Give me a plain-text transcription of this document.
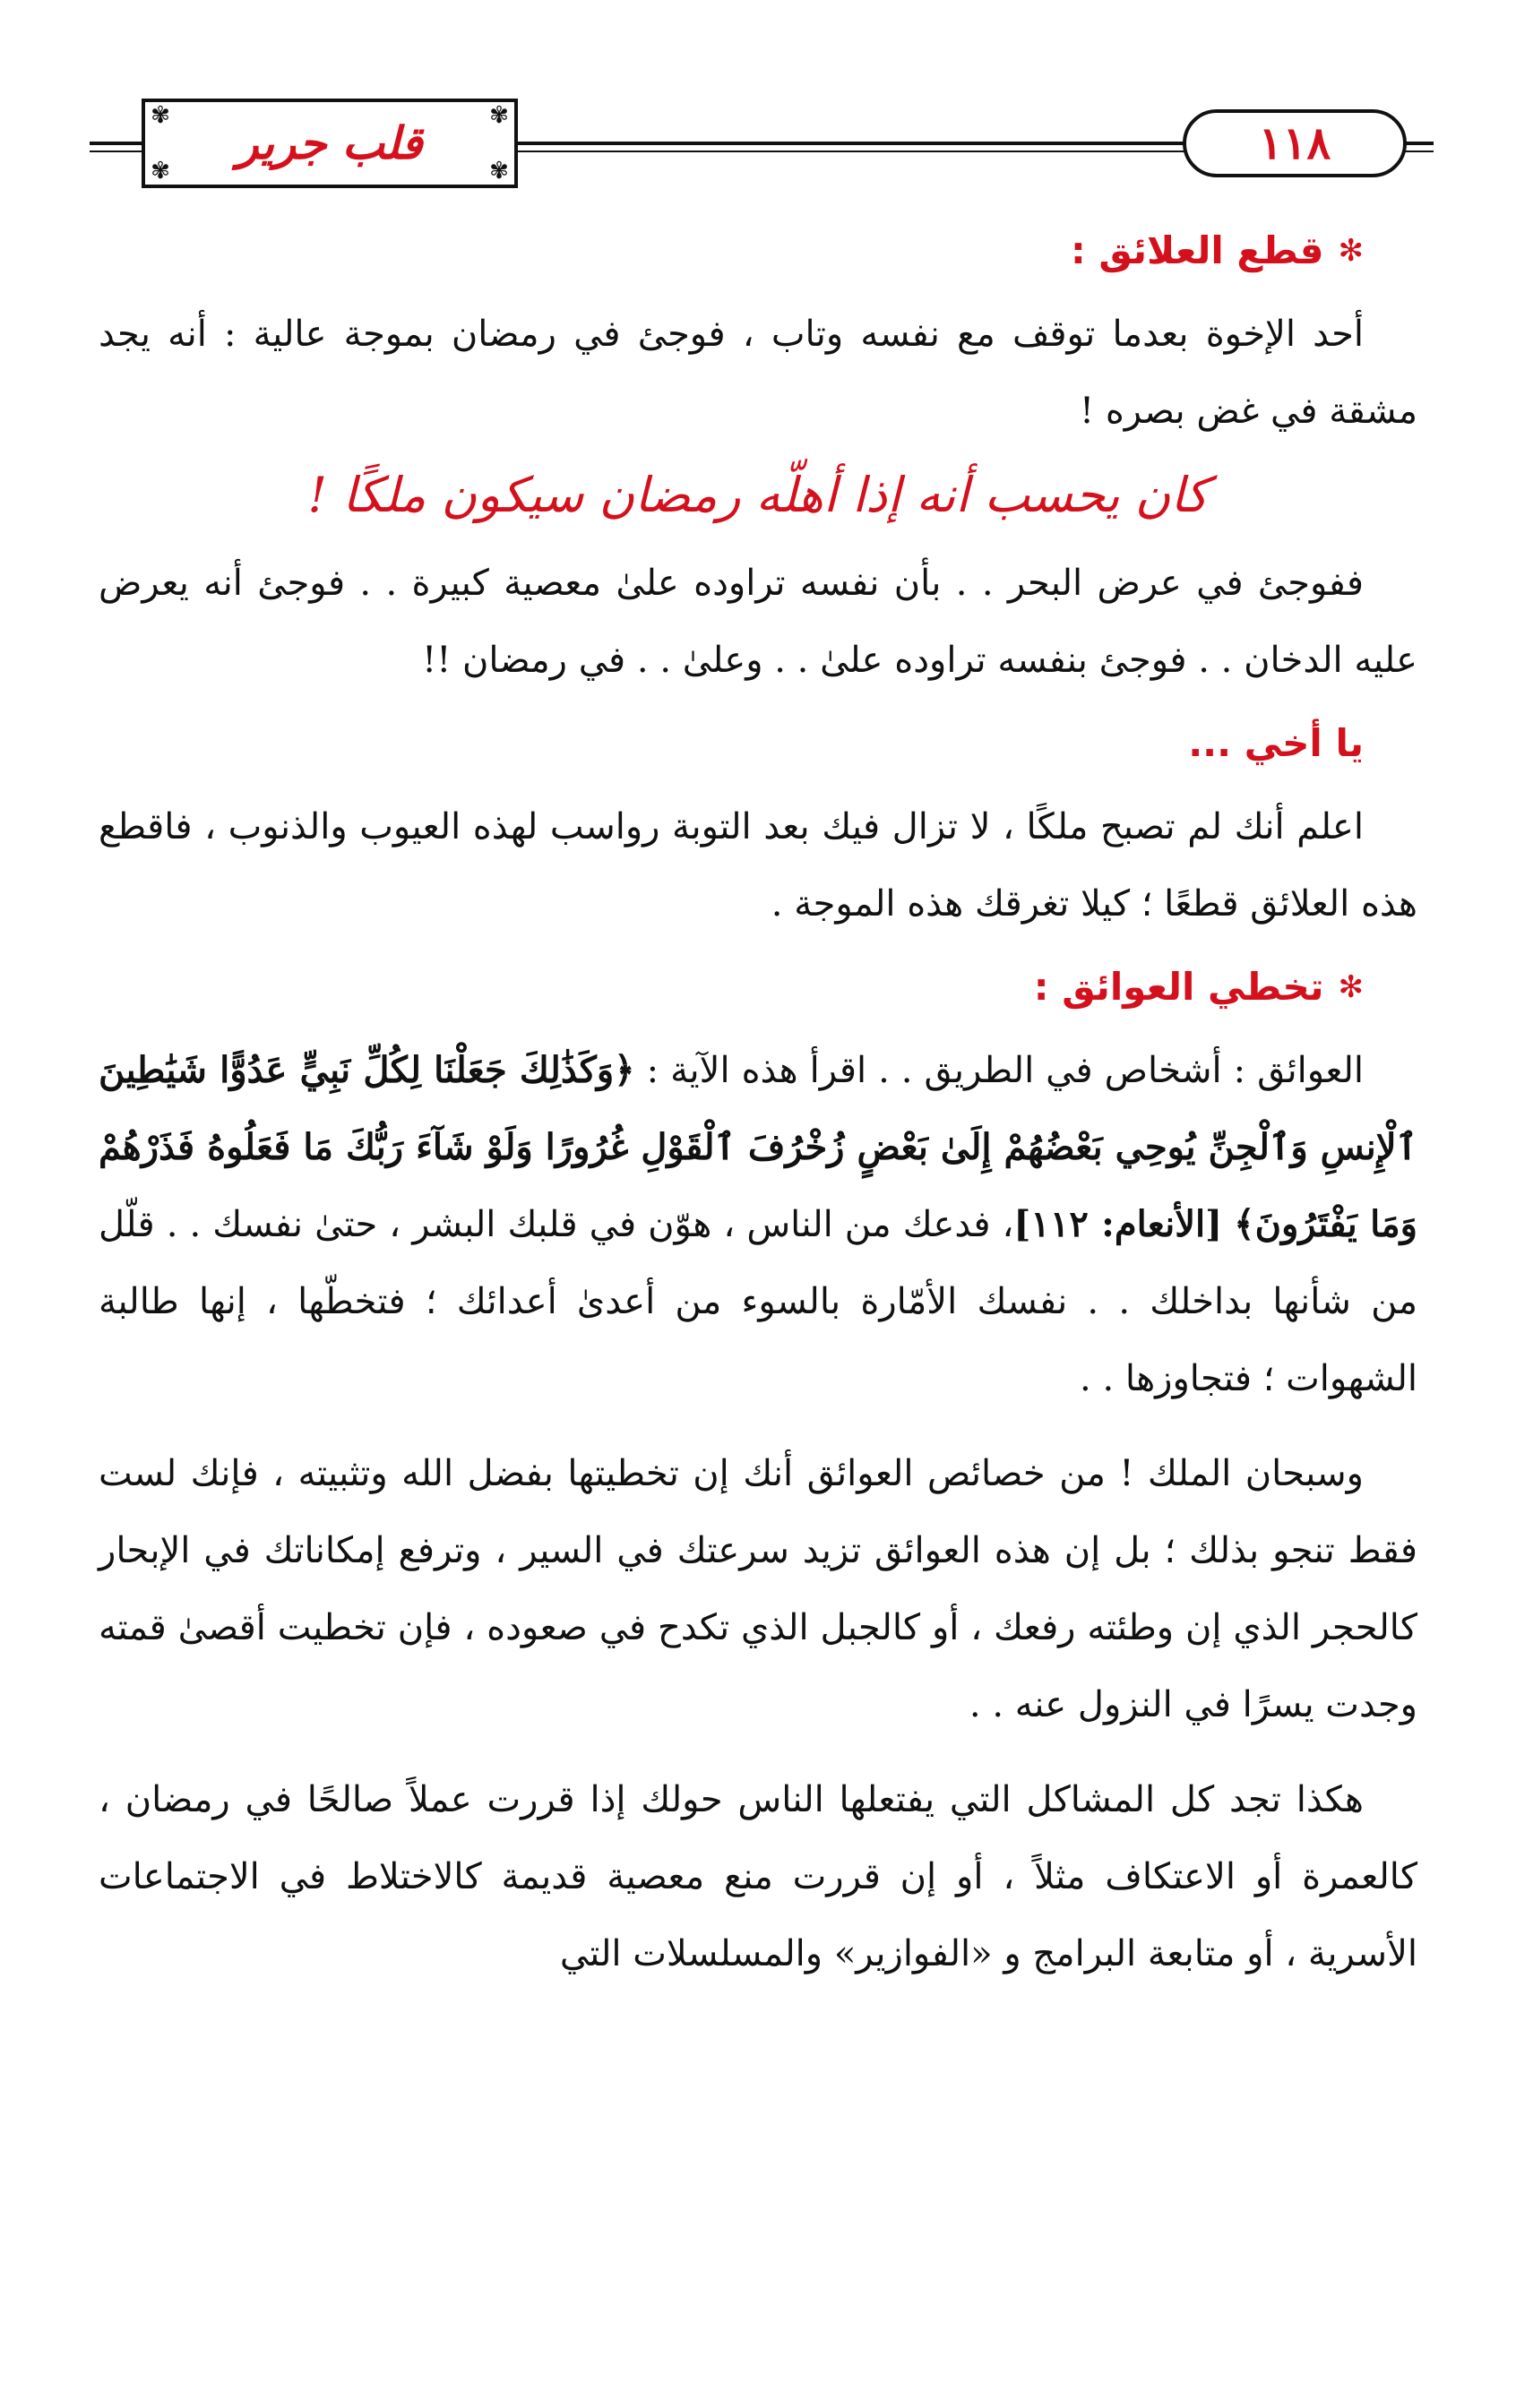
✾	✾
✾	✾
قلب جرير	١١٨
✻
قطع العلائق :

أحد الإخوة بعدما توقف مع نفسه وتاب ، فوجئ في رمضان بموجة عالية : أنه يجد مشقة في غض بصره !

كان يحسب أنه إذا أهلّه رمضان سيكون ملكًا !

ففوجئ في عرض البحر . . بأن نفسه تراوده علىٰ معصية كبيرة . . فوجئ أنه يعرض عليه الدخان . . فوجئ بنفسه تراوده علىٰ . . وعلىٰ . . في رمضان !!

يا أخي ...

اعلم أنك لم تصبح ملكًا ، لا تزال فيك بعد التوبة رواسب لهذه العيوب والذنوب ، فاقطع هذه العلائق قطعًا ؛ كيلا تغرقك هذه الموجة .

✻
تخطي العوائق :

العوائق : أشخاص في الطريق . . اقرأ هذه الآية : ﴿وَكَذَٰلِكَ جَعَلْنَا لِكُلِّ نَبِيٍّ عَدُوًّا شَيَٰطِينَ ٱلْإِنسِ وَٱلْجِنِّ يُوحِي بَعْضُهُمْ إِلَىٰ بَعْضٍ زُخْرُفَ ٱلْقَوْلِ غُرُورًا وَلَوْ شَآءَ رَبُّكَ مَا فَعَلُوهُ فَذَرْهُمْ وَمَا يَفْتَرُونَ﴾ [الأنعام: ١١٢]، فدعك من الناس ، هوّن في قلبك البشر ، حتىٰ نفسك . . قلّل من شأنها بداخلك . . نفسك الأمّارة بالسوء من أعدىٰ أعدائك ؛ فتخطّها ، إنها طالبة الشهوات ؛ فتجاوزها . .

وسبحان الملك ! من خصائص العوائق أنك إن تخطيتها بفضل الله وتثبيته ، فإنك لست فقط تنجو بذلك ؛ بل إن هذه العوائق تزيد سرعتك في السير ، وترفع إمكاناتك في الإبحار كالحجر الذي إن وطئته رفعك ، أو كالجبل الذي تكدح في صعوده ، فإن تخطيت أقصىٰ قمته وجدت يسرًا في النزول عنه . .

هكذا تجد كل المشاكل التي يفتعلها الناس حولك إذا قررت عملاً صالحًا في رمضان ، كالعمرة أو الاعتكاف مثلاً ، أو إن قررت منع معصية قديمة كالاختلاط في الاجتماعات الأسرية ، أو متابعة البرامج و «الفوازير» والمسلسلات التي
